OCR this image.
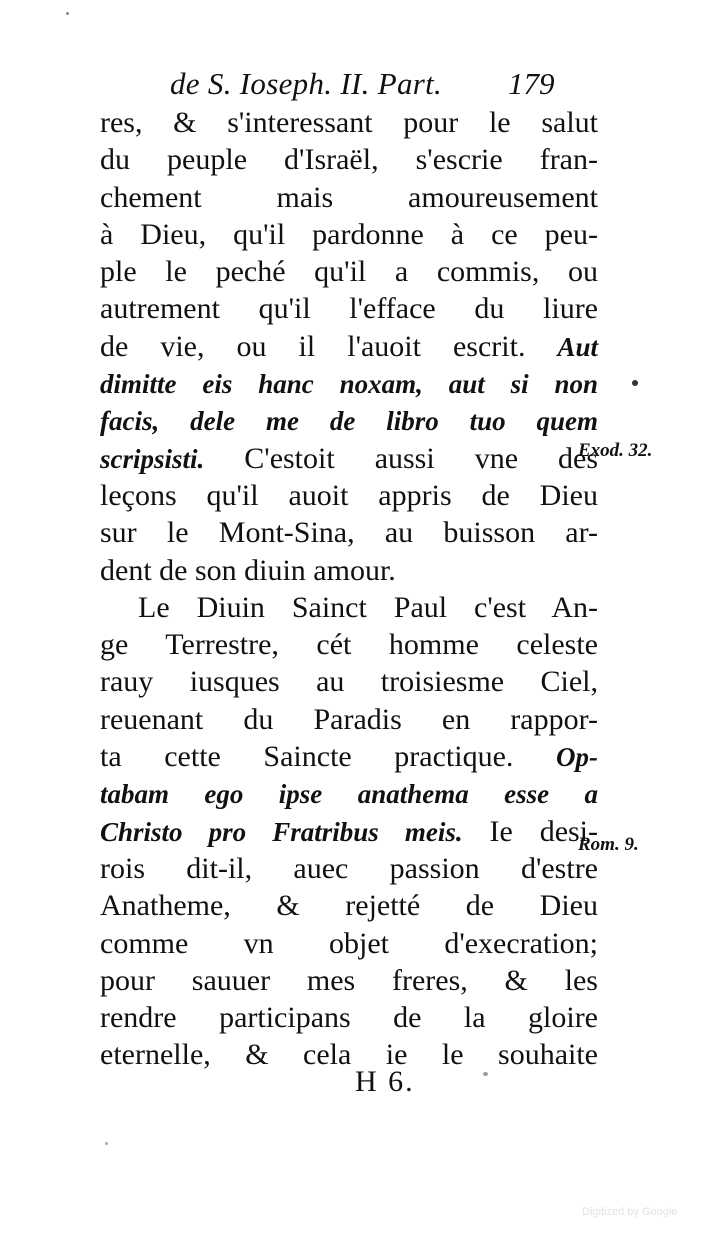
de S. Ioseph. II. Part. 179
res, & s'interessant pour le salut
du peuple d'Israël, s'escrie fran-
chement mais amoureusement
à Dieu, qu'il pardonne à ce peu-
ple le peché qu'il a commis, ou
autrement qu'il l'efface du liure
de vie, ou il l'auoit escrit. Aut
dimitte eis hanc noxam, aut si non
facis, dele me de libro tuo quem
scripsisti. C'estoit aussi vne des
leçons qu'il auoit appris de Dieu
sur le Mont-Sina, au buisson ar-
dent de son diuin amour.
Le Diuin Sainct Paul c'est An-
ge Terrestre, cét homme celeste
rauy iusques au troisiesme Ciel,
reuenant du Paradis en rappor-
ta cette Saincte practique. Op-
tabam ego ipse anathema esse a
Christo pro Fratribus meis. Ie desi-
rois dit-il, auec passion d'estre
Anatheme, & rejetté de Dieu
comme vn objet d'execration;
pour sauuer mes freres, & les
rendre participans de la gloire
eternelle, & cela ie le souhaite
Exod. 32.
Rom. 9.
H 6.
Digitized by Google
